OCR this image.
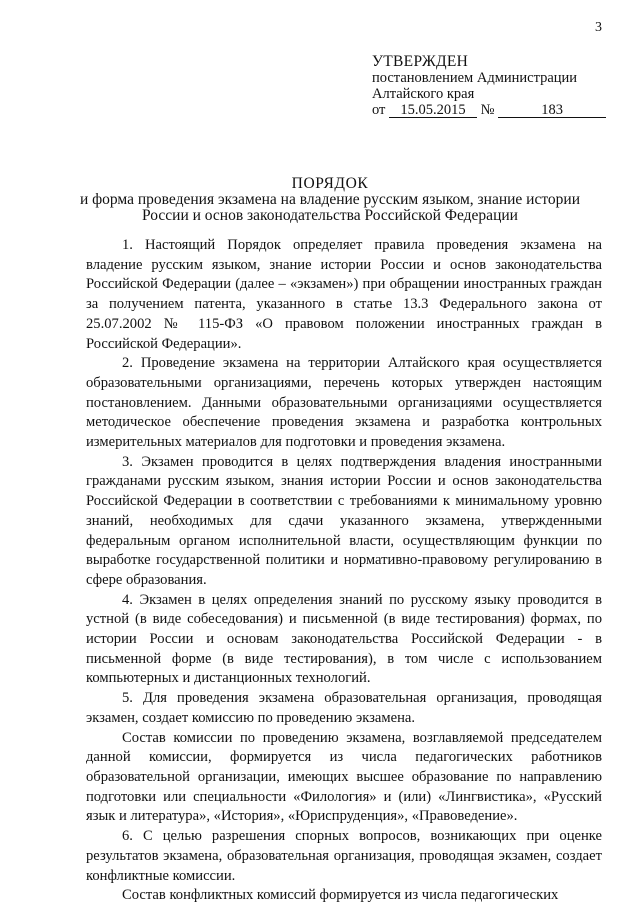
3
УТВЕРЖДЕН
постановлением Администрации
Алтайского края
от 15.05.2015 №	183
ПОРЯДОК
и форма проведения экзамена на владение русским языком, знание истории
России и основ законодательства Российской Федерации

1. Настоящий Порядок определяет правила проведения экзамена на владение русским языком, знание истории России и основ законодательства Российской Федерации (далее – «экзамен») при обращении иностранных граждан за получением патента, указанного в статье 13.3 Федерального закона от 25.07.2002 № 115-ФЗ «О правовом положении иностранных граждан в Российской Федерации».

2. Проведение экзамена на территории Алтайского края осуществляется образовательными организациями, перечень которых утвержден настоящим постановлением. Данными образовательными организациями осуществляется методическое обеспечение проведения экзамена и разработка контрольных измерительных материалов для подготовки и проведения экзамена.

3. Экзамен проводится в целях подтверждения владения иностранными гражданами русским языком, знания истории России и основ законодательства Российской Федерации в соответствии с требованиями к минимальному уровню знаний, необходимых для сдачи указанного экзамена, утвержденными федеральным органом исполнительной власти, осуществляющим функции по выработке государственной политики и нормативно-правовому регулированию в сфере образования.

4. Экзамен в целях определения знаний по русскому языку проводится в устной (в виде собеседования) и письменной (в виде тестирования) формах, по истории России и основам законодательства Российской Федерации - в письменной форме (в виде тестирования), в том числе с использованием компьютерных и дистанционных технологий.

5. Для проведения экзамена образовательная организация, проводящая экзамен, создает комиссию по проведению экзамена.

Состав комиссии по проведению экзамена, возглавляемой председателем данной комиссии, формируется из числа педагогических работников образовательной организации, имеющих высшее образование по направлению подготовки или специальности «Филология» и (или) «Лингвистика», «Русский язык и литература», «История», «Юриспруденция», «Правоведение».

6. С целью разрешения спорных вопросов, возникающих при оценке результатов экзамена, образовательная организация, проводящая экзамен, создает конфликтные комиссии.

Состав конфликтных комиссий формируется из числа педагогических
